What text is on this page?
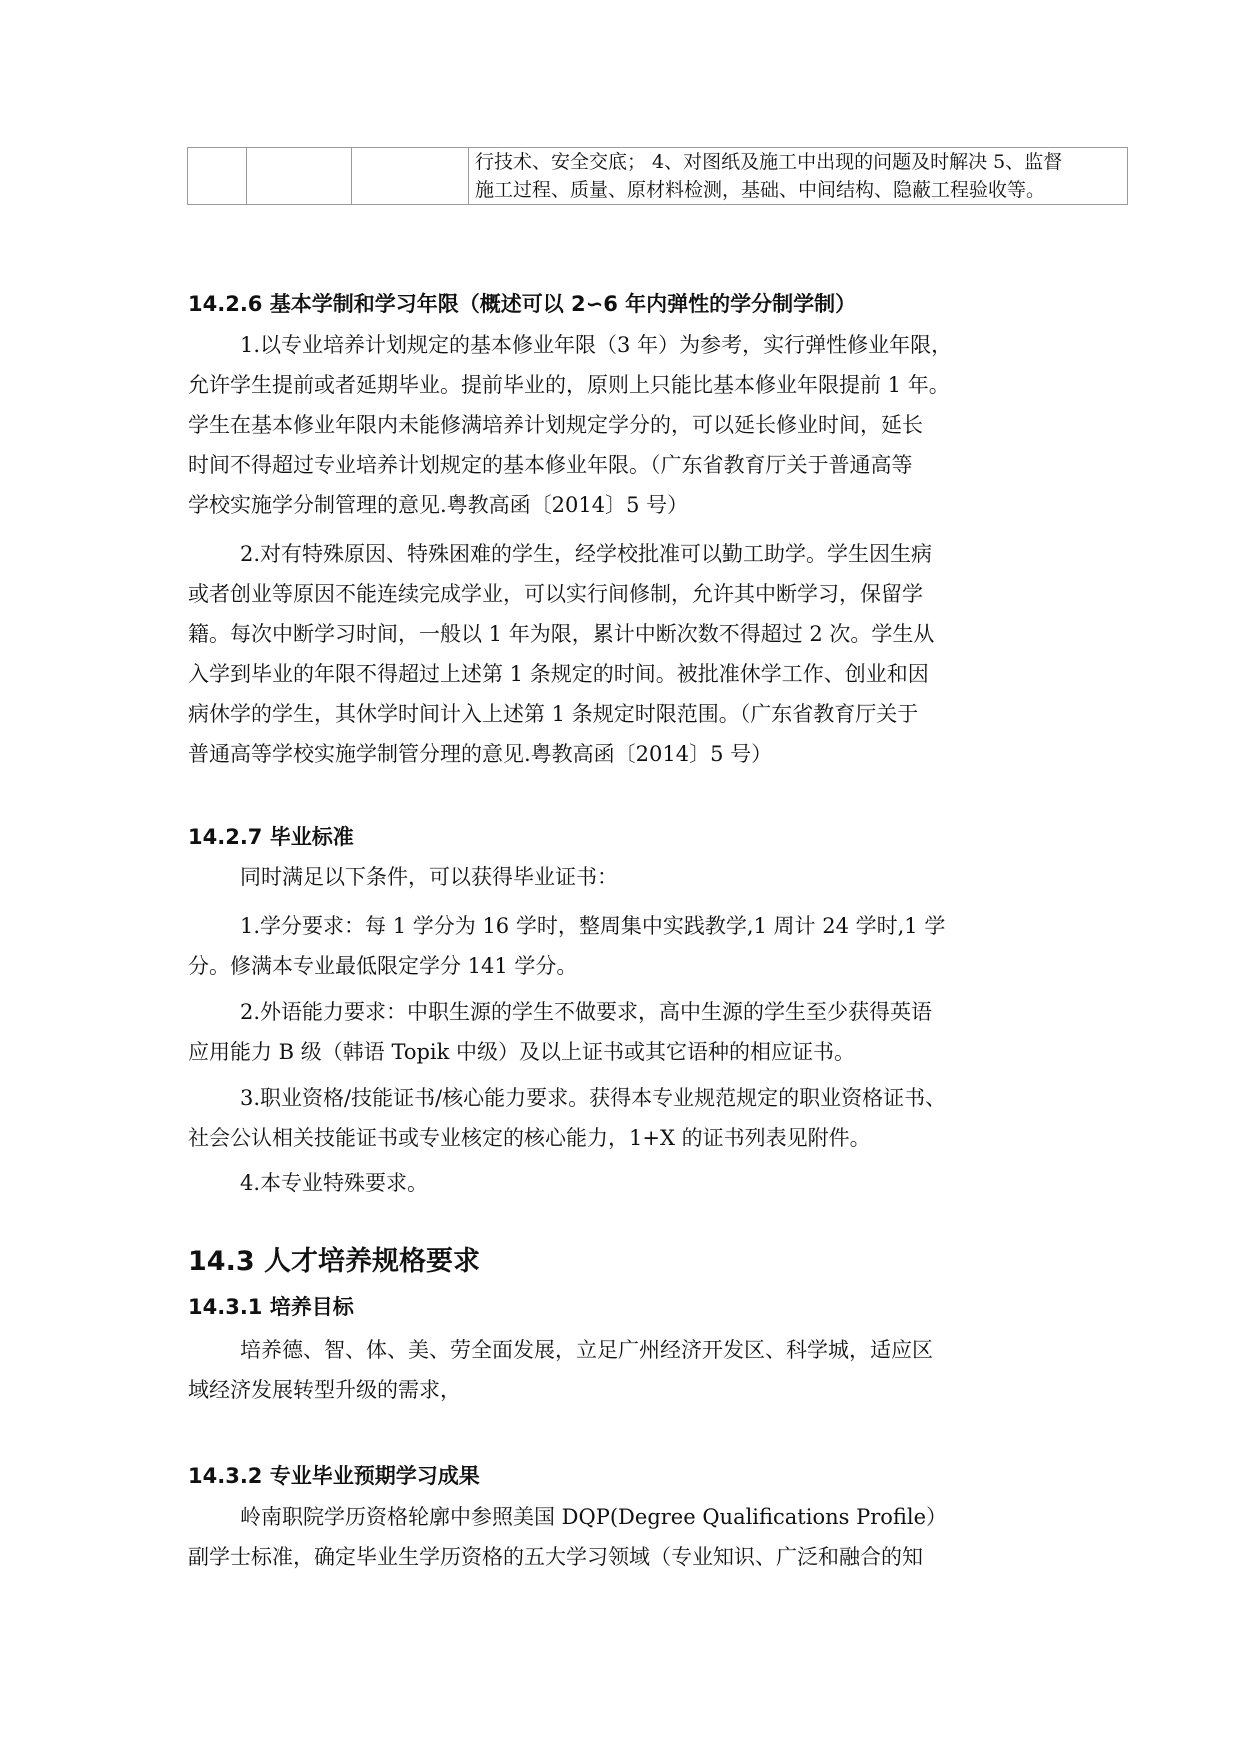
行技术、安全交底； 4、对图纸及施工中出现的问题及时解决 5、监督
施工过程、质量、原材料检测，基础、中间结构、隐蔽工程验收等。
14.2.6 基本学制和学习年限（概述可以 2∽6 年内弹性的学分制学制）
1.以专业培养计划规定的基本修业年限（3 年）为参考，实行弹性修业年限，
允许学生提前或者延期毕业。提前毕业的，原则上只能比基本修业年限提前 1 年。
学生在基本修业年限内未能修满培养计划规定学分的，可以延长修业时间，延长
时间不得超过专业培养计划规定的基本修业年限。（广东省教育厅关于普通高等
学校实施学分制管理的意见.粤教高函〔2014〕5 号）
2.对有特殊原因、特殊困难的学生，经学校批准可以勤工助学。学生因生病
或者创业等原因不能连续完成学业，可以实行间修制，允许其中断学习，保留学
籍。每次中断学习时间，一般以 1 年为限，累计中断次数不得超过 2 次。学生从
入学到毕业的年限不得超过上述第 1 条规定的时间。被批准休学工作、创业和因
病休学的学生，其休学时间计入上述第 1 条规定时限范围。（广东省教育厅关于
普通高等学校实施学制管分理的意见.粤教高函〔2014〕5 号）
14.2.7 毕业标准
同时满足以下条件，可以获得毕业证书：
1.学分要求：每 1 学分为 16 学时，整周集中实践教学,1 周计 24 学时,1 学
分。修满本专业最低限定学分 141 学分。
2.外语能力要求：中职生源的学生不做要求，高中生源的学生至少获得英语
应用能力 B 级（韩语 Topik 中级）及以上证书或其它语种的相应证书。
3.职业资格/技能证书/核心能力要求。获得本专业规范规定的职业资格证书、
社会公认相关技能证书或专业核定的核心能力，1+X 的证书列表见附件。
4.本专业特殊要求。
14.3 人才培养规格要求
14.3.1 培养目标
培养德、智、体、美、劳全面发展，立足广州经济开发区、科学城，适应区
域经济发展转型升级的需求，
14.3.2 专业毕业预期学习成果
岭南职院学历资格轮廓中参照美国 DQP(Degree Qualifications Profile）
副学士标准，确定毕业生学历资格的五大学习领域（专业知识、广泛和融合的知
